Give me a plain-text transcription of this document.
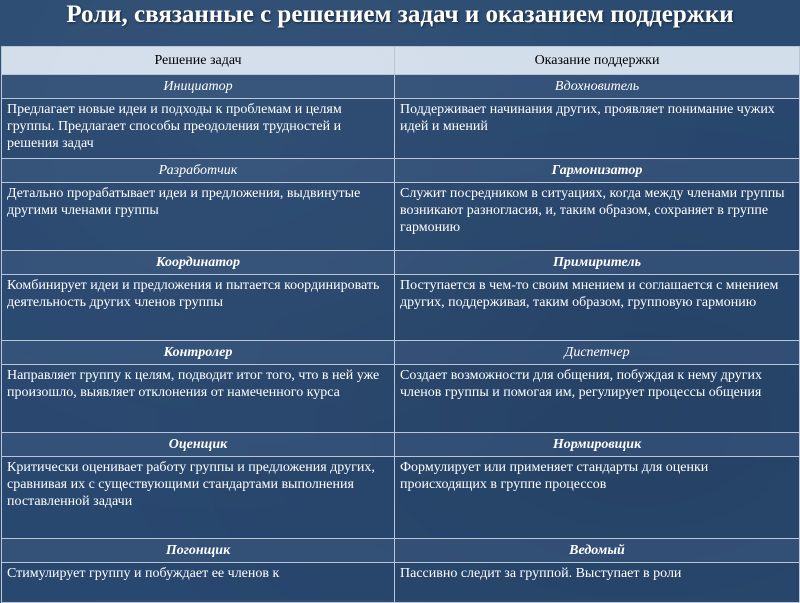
Роли, связанные с решением задач и оказанием поддержки
Решение задач	Оказание поддержки
Инициатор	Вдохновитель
Предлагает новые идеи и подходы к проблемам и целям группы. Предлагает способы преодоления трудностей и решения задач	Поддерживает начинания других, проявляет понимание чужих идей и мнений
Разработчик	Гармонизатор
Детально прорабатывает идеи и предложения, выдвинутые другими членами группы	Служит посредником в ситуациях, когда между членами группы возникают разногласия, и, таким образом, сохраняет в группе гармонию
Координатор	Примиритель
Комбинирует идеи и предложения и пытается координировать деятельность других членов группы	Поступается в чем-то своим мнением и соглашается с мнением других, поддерживая, таким образом, групповую гармонию
Контролер	Диспетчер
Направляет группу к целям, подводит итог того, что в ней уже произошло, выявляет отклонения от намеченного курса	Создает возможности для общения, побуждая к нему других членов группы и помогая им, регулирует процессы общения
Оценщик	Нормировщик
Критически оценивает работу группы и предложения других, сравнивая их с существующими стандартами выполнения поставленной задачи	Формулирует или применяет стандарты для оценки происходящих в группе процессов
Погонщик	Ведомый
Стимулирует группу и побуждает ее членов к	Пассивно следит за группой. Выступает в роли
